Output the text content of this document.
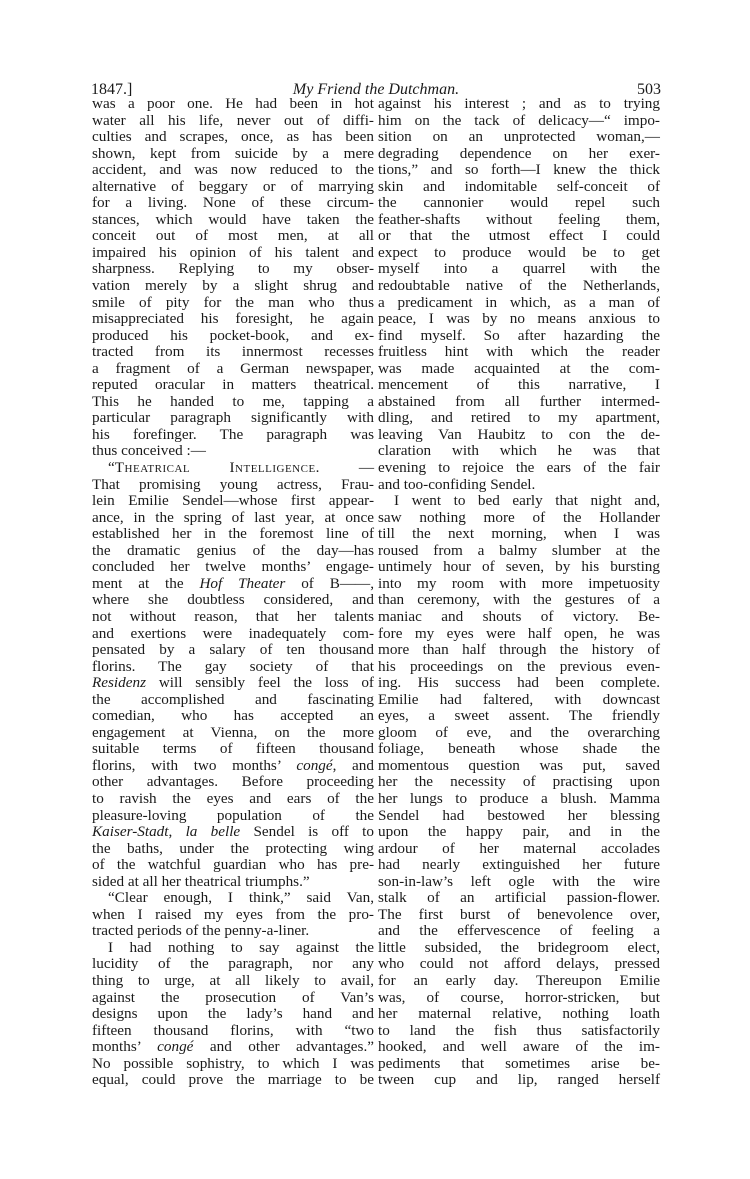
1847.]	My Friend the Dutchman.	503
was a poor one. He had been in hot
water all his life, never out of diffi-
culties and scrapes, once, as has been
shown, kept from suicide by a mere
accident, and was now reduced to the
alternative of beggary or of marrying
for a living. None of these circum-
stances, which would have taken the
conceit out of most men, at all
impaired his opinion of his talent and
sharpness. Replying to my obser-
vation merely by a slight shrug and
smile of pity for the man who thus
misappreciated his foresight, he again
produced his pocket-book, and ex-
tracted from its innermost recesses
a fragment of a German newspaper,
reputed oracular in matters theatrical.
This he handed to me, tapping a
particular paragraph significantly with
his forefinger. The paragraph was
thus conceived :—
“Theatrical Intelligence. —
That promising young actress, Frau-
lein Emilie Sendel—whose first appear-
ance, in the spring of last year, at once
established her in the foremost line of
the dramatic genius of the day—has
concluded her twelve months’ engage-
ment at the Hof Theater of B——,
where she doubtless considered, and
not without reason, that her talents
and exertions were inadequately com-
pensated by a salary of ten thousand
florins. The gay society of that
Residenz will sensibly feel the loss of
the accomplished and fascinating
comedian, who has accepted an
engagement at Vienna, on the more
suitable terms of fifteen thousand
florins, with two months’ congé, and
other advantages. Before proceeding
to ravish the eyes and ears of the
pleasure-loving population of the
Kaiser-Stadt, la belle Sendel is off to
the baths, under the protecting wing
of the watchful guardian who has pre-
sided at all her theatrical triumphs.”
“Clear enough, I think,” said Van,
when I raised my eyes from the pro-
tracted periods of the penny-a-liner.
I had nothing to say against the
lucidity of the paragraph, nor any
thing to urge, at all likely to avail,
against the prosecution of Van’s
designs upon the lady’s hand and
fifteen thousand florins, with “two
months’ congé and other advantages.”
No possible sophistry, to which I was
equal, could prove the marriage to be
against his interest ; and as to trying
him on the tack of delicacy—“ impo-
sition on an unprotected woman,—
degrading dependence on her exer-
tions,” and so forth—I knew the thick
skin and indomitable self-conceit of
the cannonier would repel such
feather-shafts without feeling them,
or that the utmost effect I could
expect to produce would be to get
myself into a quarrel with the
redoubtable native of the Netherlands,
a predicament in which, as a man of
peace, I was by no means anxious to
find myself. So after hazarding the
fruitless hint with which the reader
was made acquainted at the com-
mencement of this narrative, I
abstained from all further intermed-
dling, and retired to my apartment,
leaving Van Haubitz to con the de-
claration with which he was that
evening to rejoice the ears of the fair
and too-confiding Sendel.
I went to bed early that night and,
saw nothing more of the Hollander
till the next morning, when I was
roused from a balmy slumber at the
untimely hour of seven, by his bursting
into my room with more impetuosity
than ceremony, with the gestures of a
maniac and shouts of victory. Be-
fore my eyes were half open, he was
more than half through the history of
his proceedings on the previous even-
ing. His success had been complete.
Emilie had faltered, with downcast
eyes, a sweet assent. The friendly
gloom of eve, and the overarching
foliage, beneath whose shade the
momentous question was put, saved
her the necessity of practising upon
her lungs to produce a blush. Mamma
Sendel had bestowed her blessing
upon the happy pair, and in the
ardour of her maternal accolades
had nearly extinguished her future
son-in-law’s left ogle with the wire
stalk of an artificial passion-flower.
The first burst of benevolence over,
and the effervescence of feeling a
little subsided, the bridegroom elect,
who could not afford delays, pressed
for an early day. Thereupon Emilie
was, of course, horror-stricken, but
her maternal relative, nothing loath
to land the fish thus satisfactorily
hooked, and well aware of the im-
pediments that sometimes arise be-
tween cup and lip, ranged herself
